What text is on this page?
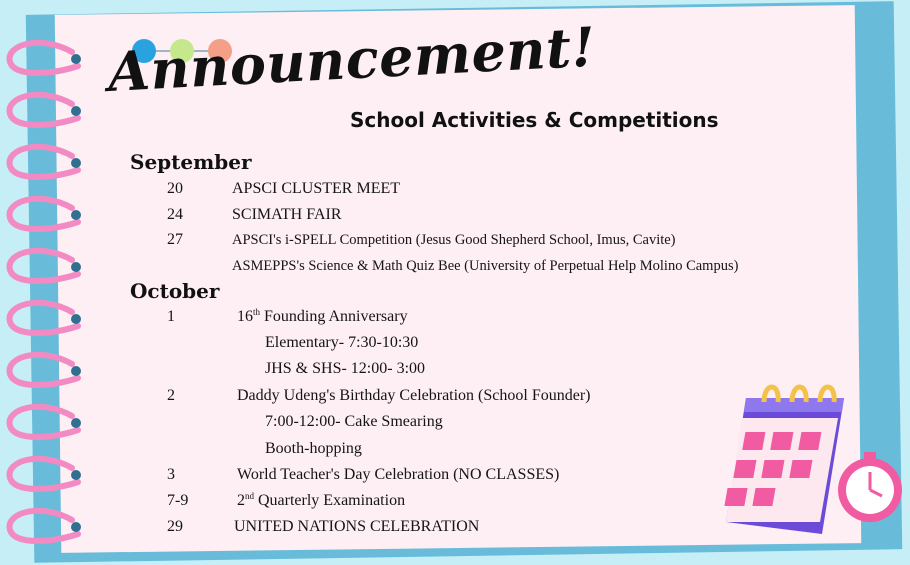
Announcement!
School Activities & Competitions
September
20	APSCI CLUSTER MEET
24	SCIMATH FAIR
27	APSCI's i-SPELL Competition (Jesus Good Shepherd School, Imus, Cavite)
ASMEPPS's Science & Math Quiz Bee (University of Perpetual Help Molino Campus)
October
1	16th Founding Anniversary
Elementary- 7:30-10:30
JHS & SHS- 12:00- 3:00
2	Daddy Udeng's Birthday Celebration (School Founder)
7:00-12:00- Cake Smearing
Booth-hopping
3	World Teacher's Day Celebration (NO CLASSES)
7-9	2nd Quarterly Examination
29	UNITED NATIONS CELEBRATION
